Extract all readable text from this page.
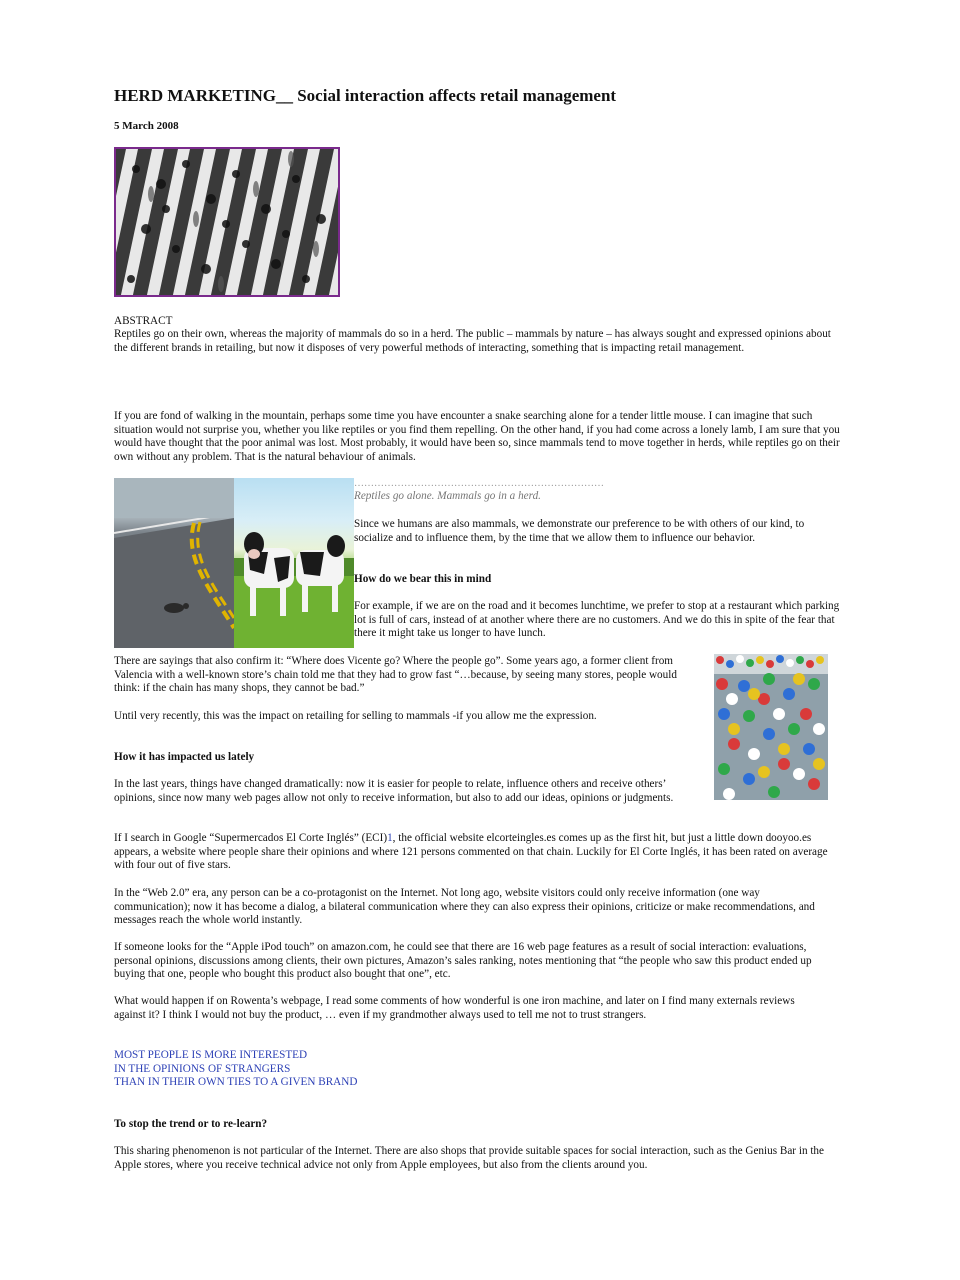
HERD MARKETING__ Social interaction affects retail management
5 March 2008
ABSTRACT

Reptiles go on their own, whereas the majority of mammals do so in a herd. The public – mammals by nature – has always sought and expressed opinions about the different brands in retailing, but now it disposes of very powerful methods of interacting, something that is impacting retail management.

If you are fond of walking in the mountain, perhaps some time you have encounter a snake searching alone for a tender little mouse. I can imagine that such situation would not surprise you, whether you like reptiles or you find them repelling. On the other hand, if you had come across a lonely lamb, I am sure that you would have thought that the poor animal was lost. Most probably, it would have been so, since mammals tend to move together in herds, while reptiles go on their own without any problem. That is the natural behaviour of animals.

…………………………………………………………………
Reptiles go alone. Mammals go in a herd.

Since we humans are also mammals, we demonstrate our preference to be with others of our kind, to socialize and to influence them, by the time that we allow them to influence our behavior.

How do we bear this in mind

For example, if we are on the road and it becomes lunchtime, we prefer to stop at a restaurant which parking lot is full of cars, instead of at another where there are no customers. And we do this in spite of the fear that there it might take us longer to have lunch.

There are sayings that also confirm it: “Where does Vicente go? Where the people go”. Some years ago, a former client from Valencia with a well-known store’s chain told me that they had to grow fast “…because, by seeing many stores, people would think: if the chain has many shops, they cannot be bad.”

Until very recently, this was the impact on retailing for selling to mammals -if you allow me the expression.

How it has impacted us lately

In the last years, things have changed dramatically: now it is easier for people to relate, influence others and receive others’ opinions, since now many web pages allow not only to receive information, but also to add our ideas, opinions or judgments.

If I search in Google “Supermercados El Corte Inglés” (ECI)1, the official website elcorteingles.es comes up as the first hit, but just a little down dooyoo.es appears, a website where people share their opinions and where 121 persons commented on that chain. Luckily for El Corte Inglés, it has been rated on average with four out of five stars.

In the “Web 2.0” era, any person can be a co-protagonist on the Internet. Not long ago, website visitors could only receive information (one way communication); now it has become a dialog, a bilateral communication where they can also express their opinions, criticize or make recommendations, and messages reach the whole world instantly.

If someone looks for the “Apple iPod touch” on amazon.com, he could see that there are 16 web page features as a result of social interaction: evaluations, personal opinions, discussions among clients, their own pictures, Amazon’s sales ranking, notes mentioning that “the people who saw this product ended up buying that one, people who bought this product also bought that one”, etc.

What would happen if on Rowenta’s webpage, I read some comments of how wonderful is one iron machine, and later on I find many externals reviews against it? I think I would not buy the product, … even if my grandmother always used to tell me not to trust strangers.

MOST PEOPLE IS MORE INTERESTED
IN THE OPINIONS OF STRANGERS
THAN IN THEIR OWN TIES TO A GIVEN BRAND
To stop the trend or to re-learn?

This sharing phenomenon is not particular of the Internet. There are also shops that provide suitable spaces for social interaction, such as the Genius Bar in the Apple stores, where you receive technical advice not only from Apple employees, but also from the clients around you.
